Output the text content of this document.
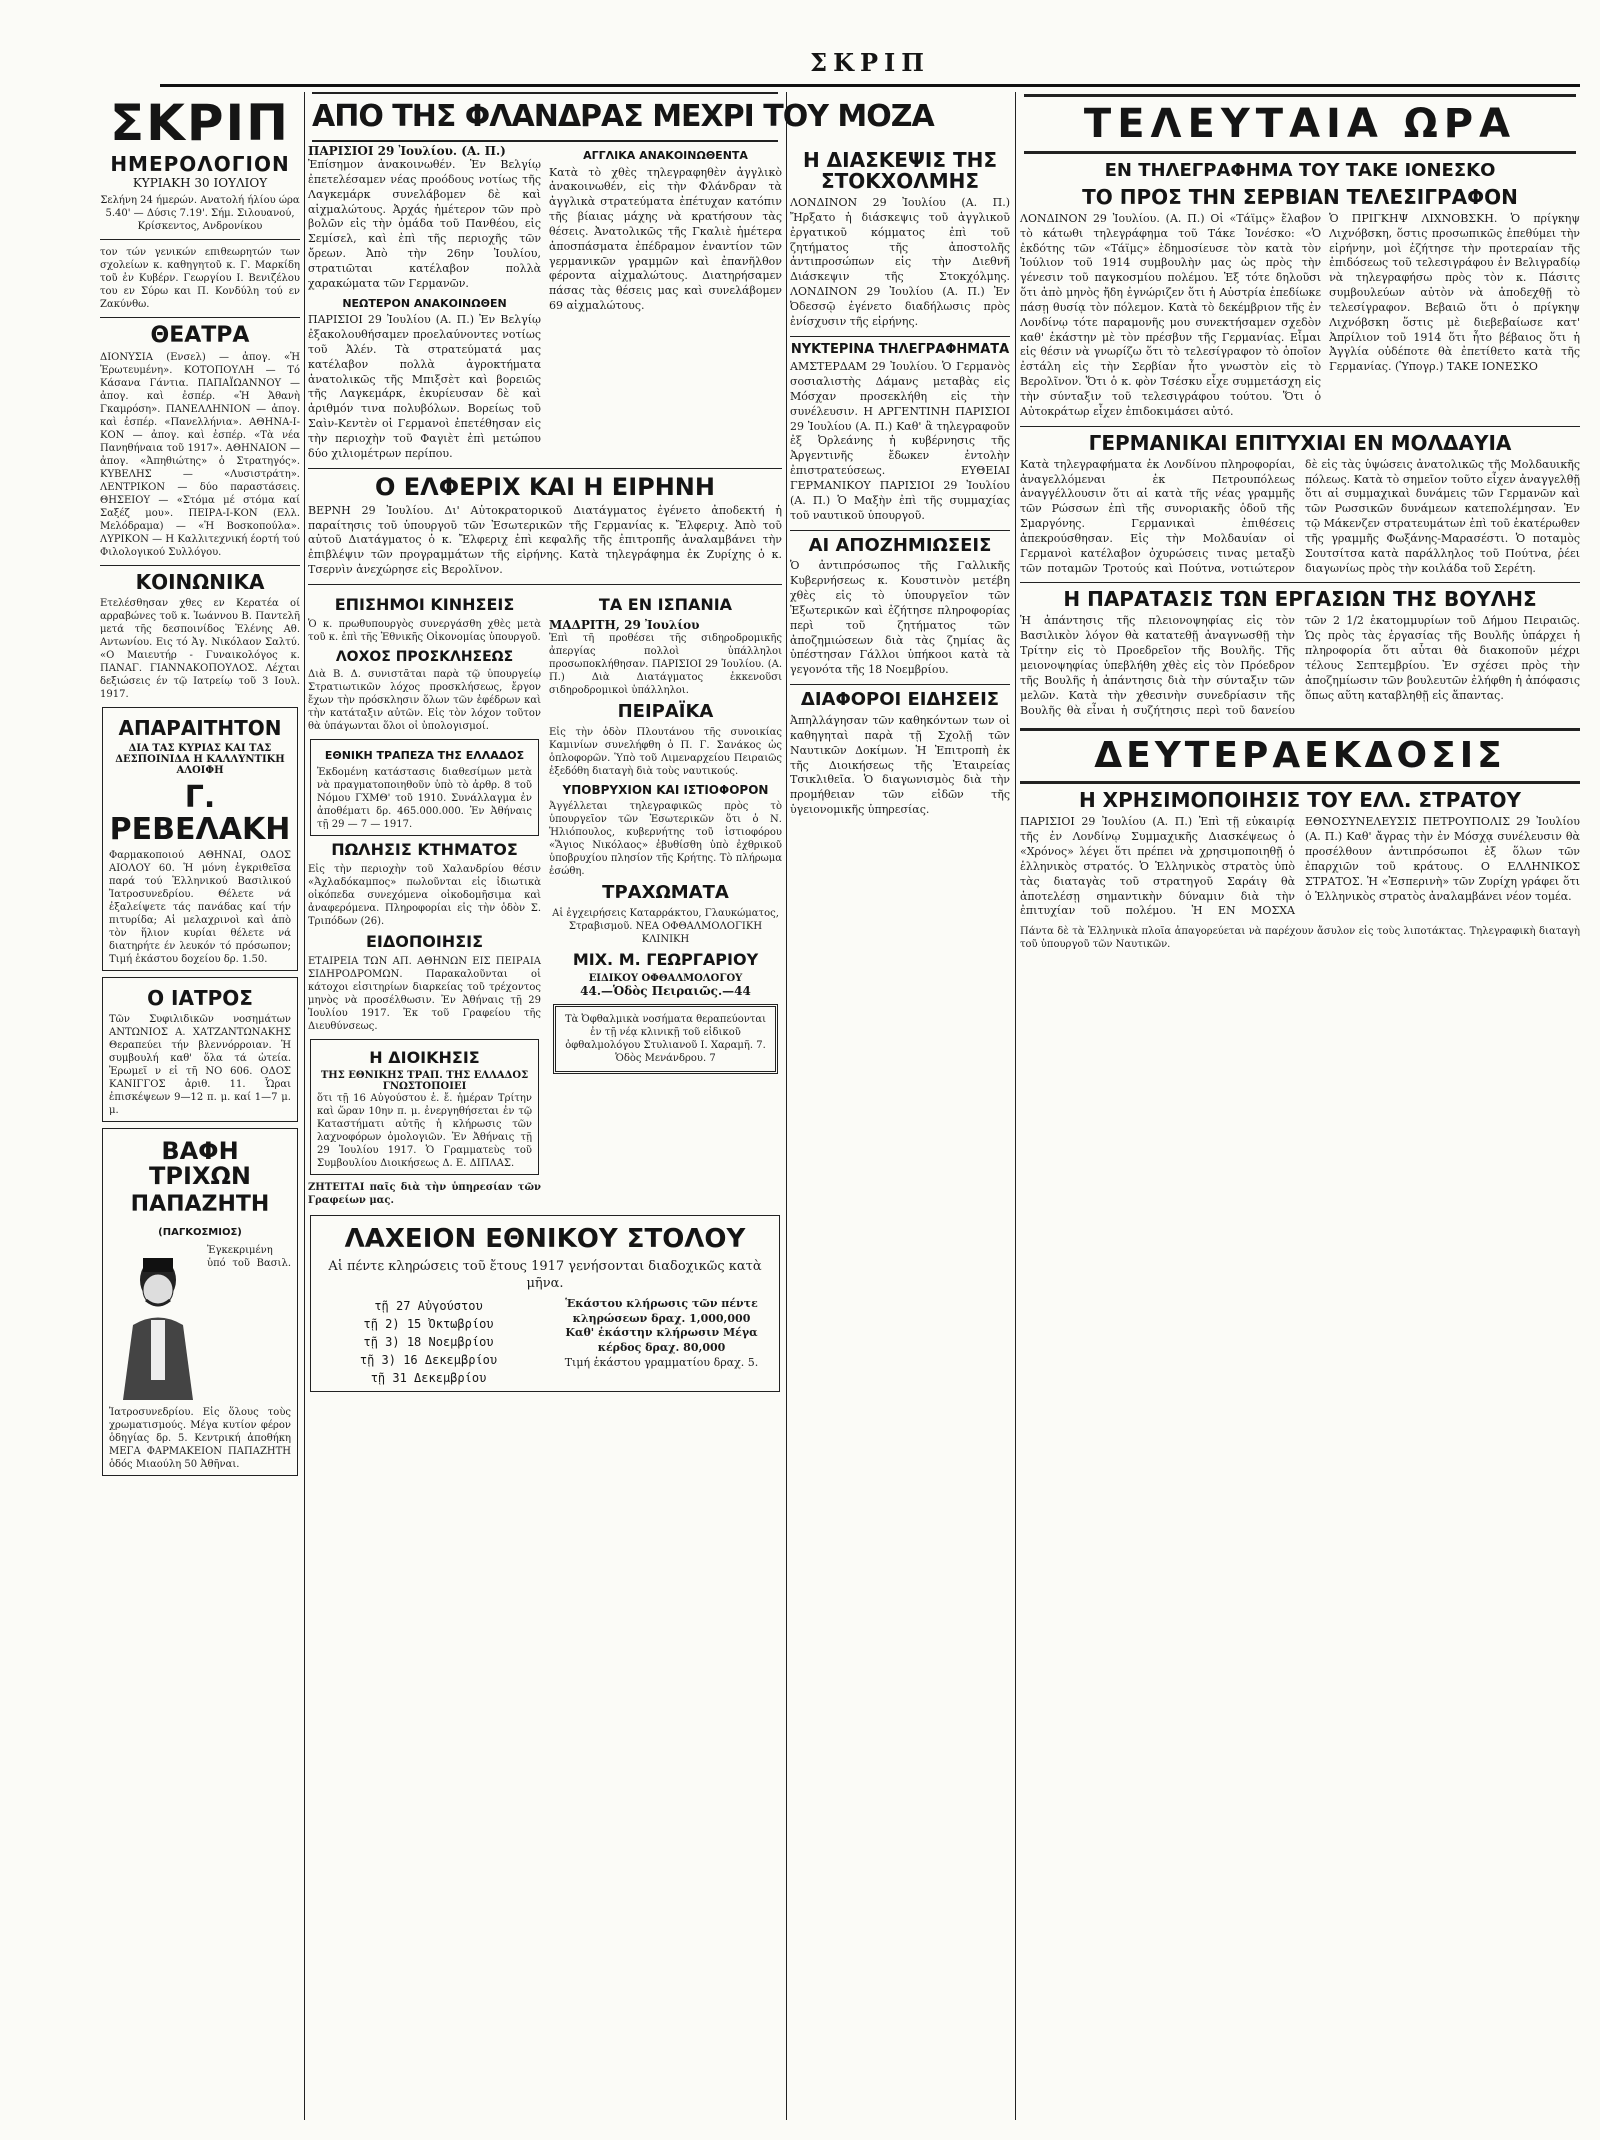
ΣΚΡΙΠ
ΣΚΡΙΠ
ΗΜΕΡΟΛΟΓΙΟΝ
ΚΥΡΙΑΚΗ 30 ΙΟΥΛΙΟΥ
Σελήνη 24 ήμερών. Ανατολή ήλίου ώρα 5.40' — Δύσις 7.19'. Σήμ. Σιλουανού, Κρίσκεντος, Ανδρονίκου
τον τών γενικών επιθεωρητών των σχολείων κ. καθηγητοῦ κ. Γ. Μαρκίδη τοῦ ἐν Κυβέρν. Γεωργίου Ι. Βενιζέλου του εν Σύρω και Π. Κονδύλη τού εν Ζακύνθω.
ΘΕΑΤΡΑ
ΔΙΟΝΥΣΙΑ (Ενσελ) — ἀπογ. «Ἡ Ἐρωτευμένη». ΚΟΤΟΠΟΥΛΗ — Τό Κάσανα Γάντια. ΠΑΠΑΪΩΑΝΝΟΥ — ἀπογ. καὶ ἐσπέρ. «Ἡ Ἀθανὴ Γκαμρόση». ΠΑΝΕΛΛΗΝΙΟΝ — ἀπογ. καὶ ἐσπέρ. «Πανελλήνια». ΑΘΗΝΑ-Ι-ΚΟΝ — ἀπογ. καὶ ἐσπέρ. «Τὰ νέα Πανηθήναια τοῦ 1917». ΑΘΗΝΑΙΟΝ — ἀπογ. «Ἀπηθιώτης» ὁ Στρατηγός». ΚΥΒΕΛΗΣ — «Λυσιστράτη». ΛΕΝΤΡΙΚΟΝ — δύο παραστάσεις. ΘΗΣΕΙΟΥ — «Στόμα μέ στόμα καί Σαξέζ μου». ΠΕΙΡΑ-Ι-ΚΟΝ (Ελλ. Μελόδραμα) — «Ἡ Βοσκοπούλα». ΛΥΡΙΚΟΝ — Η Καλλιτεχνική έορτή τού Φιλολογικού Συλλόγου.
ΚΟΙΝΩΝΙΚΑ
Ετελέσθησαν χθες εν Κερατέα οί αρραβώνες τοῦ κ. Ἰωάννου Β. Παντελῆ μετά τῆς δεσποινίδος Ἑλένης Αθ. Αντωνίου. Εις τό Ἀγ. Νικόλαον Σαλτύ. «Ο Μαιευτήρ - Γυναικολόγος κ. ΠΑΝΑΓ. ΓΙΑΝΝΑΚΟΠΟΥΛΟΣ. Λέχται δεξιώσεις έν τῷ Ιατρείῳ τοῦ 3 Ιουλ. 1917.
ΑΠΑΡΑΙΤΗΤΟΝ
ΔΙΑ ΤΑΣ ΚΥΡΙΑΣ ΚΑΙ ΤΑΣ ΔΕΣΠΟΙΝΙΔΑ Η ΚΑΛΛΥΝΤΙΚΗ ΑΛΟΙΦΗ
Γ. ΡΕΒΕΛΑΚΗ
Φαρμακοποιού ΑΘΗΝΑΙ, ΟΔΟΣ ΑΙΟΛΟΥ 60. Ἡ μόνη ἐγκριθεῖσα παρά τού Ἑλληνικού Βασιλικού Ἰατροσυνεδρίου. Θέλετε νά ἐξαλείψετε τάς πανάδας καί τήν πιτυρίδα; Αἱ μελαχρινοὶ καὶ ἀπὸ τὸν ἥλιον κυρίαι θέλετε νά διατηρήτε έν λευκόν τό πρόσωπον; Τιμή ἑκάστου δοχείου δρ. 1.50.
Ο ΙΑΤΡΟΣ
Τῶν Συφιλιδικῶν νοσημάτων ΑΝΤΩΝΙΟΣ Α. ΧΑΤΖΑΝΤΩΝΑΚΗΣ Θεραπεύει τήν βλεννόρροιαν. Ἡ συμβουλή καθ' ὅλα τά ὠτεία. Ἐρωμεῖ ν εἰ τῆ ΝΟ 606. ΟΔΟΣ ΚΑΝΙΓΓΟΣ ἀριθ. 11. Ὧραι ἐπισκέψεων 9—12 π. μ. καί 1—7 μ. μ.
ΒΑΦΗ ΤΡΙΧΩΝ
ΠΑΠΑΖΗΤΗ (ΠΑΓΚΟΣΜΙΟΣ)
Ἐγκεκριμένη ὑπό τοῦ Βασιλ. Ἰατροσυνεδρίου. Εἰς ὅλους τοὺς χρωματισμούς. Μέγα κυτίον φέρον ὁδηγίας δρ. 5. Κεντρική ἀποθήκη ΜΕΓΑ ΦΑΡΜΑΚΕΙΟΝ ΠΑΠΑΖΗΤΗ ὁδός Μιαούλη 50 Ἀθῆναι.
ΑΠΟ ΤΗΣ ΦΛΑΝΔΡΑΣ ΜΕΧΡΙ ΤΟΥ ΜΟΖΑ
ΠΑΡΙΣΙΟΙ 29 Ἰουλίου. (Α. Π.)
Ἐπίσημον ἀνακοινωθέν. Ἐν Βελγίῳ ἐπετελέσαμεν νέας προόδους νοτίως τῆς Λαγκεμάρκ συνελάβομεν δὲ καὶ αἰχμαλώτους. Ἀρχάς ἠμέτερον τῶν πρὸ βολῶν εἰς τὴν ὁμάδα τοῦ Πανθέου, εἰς Σεμίσελ, καὶ ἐπὶ τῆς περιοχῆς τῶν ὄρεων. Ἀπὸ τὴν 26ην Ἰουλίου, στρατιῶται κατέλαβον πολλὰ χαρακώματα τῶν Γερμανῶν.
ΝΕΩΤΕΡΟΝ ΑΝΑΚΟΙΝΩΘΕΝ
ΠΑΡΙΣΙΟΙ 29 Ἰουλίου (Α. Π.) Ἐν Βελγίῳ ἐξακολουθήσαμεν προελαύνοντες νοτίως τοῦ Ἀλέν. Τὰ στρατεύματά μας κατέλαβον πολλὰ ἀγροκτήματα ἀνατολικῶς τῆς Μπιξσὲτ καὶ βορειῶς τῆς Λαγκεμάρκ, ἐκυρίευσαν δὲ καὶ ἀριθμόν τινα πολυβόλων. Βορείως τοῦ Σαὶν-Κεντὲν οἱ Γερμανοὶ ἐπετέθησαν εἰς τὴν περιοχὴν τοῦ Φαγιὲτ ἐπὶ μετώπου δύο χιλιομέτρων περίπου.
ΑΓΓΛΙΚΑ ΑΝΑΚΟΙΝΩΘΕΝΤΑ
Κατὰ τὸ χθὲς τηλεγραφηθὲν ἀγγλικὸ ἀνακοινωθέν, εἰς τὴν Φλάνδραν τὰ ἀγγλικὰ στρατεύματα ἐπέτυχαν κατόπιν τῆς βίαιας μάχης νὰ κρατήσουν τὰς θέσεις. Ἀνατολικῶς τῆς Γκαλιὲ ἡμέτερα ἀποσπάσματα ἐπέδραμον ἐναντίον τῶν γερμανικῶν γραμμῶν καὶ ἐπανῆλθον φέροντα αἰχμαλώτους. Διατηρήσαμεν πάσας τὰς θέσεις μας καὶ συνελάβομεν 69 αἰχμαλώτους.
Ο ΕΛΦΕΡΙΧ ΚΑΙ Η ΕΙΡΗΝΗ
ΒΕΡΝΗ 29 Ἰουλίου. Δι' Αὐτοκρατορικοῦ Διατάγματος ἐγένετο ἀποδεκτή ἡ παραίτησις τοῦ ὑπουργοῦ τῶν Ἐσωτερικῶν τῆς Γερμανίας κ. Ἔλφεριχ. Ἀπὸ τοῦ αὐτοῦ Διατάγματος ὁ κ. Ἔλφεριχ ἐπὶ κεφαλῆς τῆς ἐπιτροπῆς ἀναλαμβάνει τὴν ἐπιβλέψιν τῶν προγραμμάτων τῆς εἰρήνης. Κατὰ τηλεγράφημα ἐκ Ζυρίχης ὁ κ. Τσερνὶν ἀνεχώρησε εἰς Βερολῖνον.
ΕΠΙΣΗΜΟΙ ΚΙΝΗΣΕΙΣ
Ὁ κ. πρωθυπουργὸς συνεργάσθη χθὲς μετὰ τοῦ κ. ἐπὶ τῆς Ἐθνικῆς Οἰκονομίας ὑπουργοῦ.
ΛΟΧΟΣ ΠΡΟΣΚΛΗΣΕΩΣ
Διὰ Β. Δ. συνιστᾶται παρὰ τῷ ὑπουργείῳ Στρατιωτικῶν λόχος προσκλήσεως, ἔργον ἔχων τὴν πρόσκλησιν ὅλων τῶν ἐφέδρων καὶ τὴν κατάταξιν αὐτῶν. Εἰς τὸν λόχον τοῦτον θὰ ὑπάγωνται ὅλοι οἱ ὑπολογισμοί.
ΕΘΝΙΚΗ ΤΡΑΠΕΖΑ ΤΗΣ ΕΛΛΑΔΟΣ
Ἐκδομένη κατάστασις διαθεσίμων μετὰ νὰ πραγματοποιηθοῦν ὑπὸ τὸ ἀρθρ. 8 τοῦ Νόμου ΓΧΜΘ' τοῦ 1910. Συνάλλαγμα ἐν ἀποθέματι δρ. 465.000.000. Ἐν Ἀθήναις τῇ 29 — 7 — 1917.
ΠΩΛΗΣΙΣ ΚΤΗΜΑΤΟΣ
Εἰς τὴν περιοχὴν τοῦ Χαλανδρίου θέσιν «Ἀχλαδόκαμπος» πωλοῦνται εἰς ἰδιωτικὰ οἰκόπεδα συνεχόμενα οἰκοδομῆσιμα καὶ ἀναφερόμενα. Πληροφορίαι εἰς τὴν ὁδὸν Σ. Τριπόδων (26).
ΕΙΔΟΠΟΙΗΣΙΣ
ΕΤΑΙΡΕΙΑ ΤΩΝ ΑΠ. ΑΘΗΝΩΝ ΕΙΣ ΠΕΙΡΑΙΑ ΣΙΔΗΡΟΔΡΟΜΩΝ. Παρακαλοῦνται οἱ κάτοχοι εἰσιτηρίων διαρκείας τοῦ τρέχοντος μηνὸς νὰ προσέλθωσιν. Ἐν Ἀθήναις τῇ 29 Ἰουλίου 1917. Ἐκ τοῦ Γραφείου τῆς Διευθύνσεως.
Η ΔΙΟΙΚΗΣΙΣ
ΤΗΣ ΕΘΝΙΚΗΣ ΤΡΑΠ. ΤΗΣ ΕΛΛΑΔΟΣ ΓΝΩΣΤΟΠΟΙΕΙ
ὅτι τῇ 16 Αὐγούστου ἐ. ἔ. ἡμέραν Τρίτην καὶ ὥραν 10ην π. μ. ἐνεργηθήσεται ἐν τῷ Καταστήματι αὐτῆς ἡ κλήρωσις τῶν λαχνοφόρων ὁμολογιῶν. Ἐν Ἀθήναις τῇ 29 Ἰουλίου 1917. Ὁ Γραμματεὺς τοῦ Συμβουλίου Διοικήσεως Δ. Ε. ΔΙΠΛΑΣ.
ΖΗΤΕΙΤΑΙ παῖς διὰ τὴν ὑπηρεσίαν τῶν Γραφείων μας.
ΤΑ ΕΝ ΙΣΠΑΝΙΑ
ΜΑΔΡΙΤΗ, 29 Ἰουλίου
Ἐπὶ τῆ προθέσει τῆς σιδηροδρομικῆς ἀπεργίας πολλοὶ ὑπάλληλοι προσωποκλήθησαν. ΠΑΡΙΣΙΟΙ 29 Ἰουλίου. (Α. Π.) Διὰ Διατάγματος ἐκκενοῦσι σιδηροδρομικοὶ ὑπάλληλοι.
ΠΕΙΡΑΪΚΑ
Εἰς τὴν ὁδὸν Πλουτάνου τῆς συνοικίας Καμινίων συνελήφθη ὁ Π. Γ. Σανάκος ὡς ὁπλοφορῶν. Ὑπὸ τοῦ Λιμεναρχείου Πειραιῶς ἐξεδόθη διαταγὴ διὰ τοὺς ναυτικούς.
ΥΠΟΒΡΥΧΙΟΝ ΚΑΙ ΙΣΤΙΟΦΟΡΟΝ
Ἀγγέλλεται τηλεγραφικῶς πρὸς τὸ ὑπουργεῖον τῶν Ἐσωτερικῶν ὅτι ὁ Ν. Ἠλιόπουλος, κυβερνήτης τοῦ ἱστιοφόρου «Ἅγιος Νικόλαος» ἐβυθίσθη ὑπὸ ἐχθρικοῦ ὑποβρυχίου πλησίον τῆς Κρήτης. Τὸ πλήρωμα ἐσώθη.
ΤΡΑΧΩΜΑΤΑ
Αἱ ἐγχειρήσεις Καταρράκτου, Γλαυκώματος, Στραβισμοῦ. ΝΕΑ ΟΦΘΑΛΜΟΛΟΓΙΚΗ ΚΛΙΝΙΚΗ
ΜΙΧ. Μ. ΓΕΩΡΓΑΡΙΟΥ
ΕΙΔΙΚΟΥ ΟΦΘΑΛΜΟΛΟΓΟΥ
44.—Ὁδὸς Πειραιῶς.—44
Τὰ Ὀφθαλμικὰ νοσήματα θεραπεύονται ἐν τῇ νέᾳ κλινικῇ τοῦ εἰδικοῦ ὀφθαλμολόγου Στυλιανοῦ Ι. Χαραμῆ. 7. Ὁδὸς Μενάνδρου. 7
ΛΑΧΕΙΟΝ ΕΘΝΙΚΟΥ ΣΤΟΛΟΥ
Αἱ πέντε κληρώσεις τοῦ ἔτους 1917 γενήσονται διαδοχικῶς κατὰ μῆνα.
τῇ 27 Αὐγούστου
τῇ 2) 15 Ὀκτωβρίου
τῇ 3) 18 Νοεμβρίου
τῇ 3) 16 Δεκεμβρίου
τῇ 31 Δεκεμβρίου
Ἑκάστου κλήρωσις τῶν πέντε κληρώσεων δραχ. 1,000,000
Καθ' ἑκάστην κλήρωσιν Μέγα κέρδος δραχ. 80,000
Τιμή ἑκάστου γραμματίου δραχ. 5.
Η ΔΙΑΣΚΕΨΙΣ ΤΗΣ ΣΤΟΚΧΟΛΜΗΣ
ΛΟΝΔΙΝΟΝ 29 Ἰουλίου (Α. Π.) Ἤρξατο ἡ διάσκεψις τοῦ ἀγγλικοῦ ἐργατικοῦ κόμματος ἐπὶ τοῦ ζητήματος τῆς ἀποστολῆς ἀντιπροσώπων εἰς τὴν Διεθνῆ Διάσκεψιν τῆς Στοκχόλμης. ΛΟΝΔΙΝΟΝ 29 Ἰουλίου (Α. Π.) Ἐν Ὀδεσσῷ ἐγένετο διαδήλωσις πρὸς ἐνίσχυσιν τῆς εἰρήνης.
ΝΥΚΤΕΡΙΝΑ ΤΗΛΕΓΡΑΦΗΜΑΤΑ
ΑΜΣΤΕΡΔΑΜ 29 Ἰουλίου. Ὁ Γερμανὸς σοσιαλιστὴς Δάμανς μεταβὰς εἰς Μόσχαν προσεκλήθη εἰς τὴν συνέλευσιν. Η ΑΡΓΕΝΤΙΝΗ ΠΑΡΙΣΙΟΙ 29 Ἰουλίου (Α. Π.) Καθ' ἃ τηλεγραφοῦν ἐξ Ὀρλεάνης ἡ κυβέρνησις τῆς Ἀργεντινῆς ἔδωκεν ἐντολὴν ἐπιστρατεύσεως. ΕΥΘΕΙΑΙ ΓΕΡΜΑΝΙΚΟΥ ΠΑΡΙΣΙΟΙ 29 Ἰουλίου (Α. Π.) Ὁ Μαξὴν ἐπὶ τῆς συμμαχίας τοῦ ναυτικοῦ ὑπουργοῦ.
ΑΙ ΑΠΟΖΗΜΙΩΣΕΙΣ
Ὁ ἀντιπρόσωπος τῆς Γαλλικῆς Κυβερνήσεως κ. Κουστινὸν μετέβη χθὲς εἰς τὸ ὑπουργεῖον τῶν Ἐξωτερικῶν καὶ ἐζήτησε πληροφορίας περὶ τοῦ ζητήματος τῶν ἀποζημιώσεων διὰ τὰς ζημίας ἃς ὑπέστησαν Γάλλοι ὑπήκοοι κατὰ τὰ γεγονότα τῆς 18 Νοεμβρίου.
ΔΙΑΦΟΡΟΙ ΕΙΔΗΣΕΙΣ
Ἀπηλλάγησαν τῶν καθηκόντων των οἱ καθηγηταὶ παρὰ τῇ Σχολῇ τῶν Ναυτικῶν Δοκίμων. Ἡ Ἐπιτροπὴ ἐκ τῆς Διοικήσεως τῆς Ἐταιρείας Τσικλιθεῖα. Ὁ διαγωνισμὸς διὰ τὴν προμήθειαν τῶν εἰδῶν τῆς ὑγειονομικῆς ὑπηρεσίας.
ΤΕΛΕΥΤΑΙΑ ΩΡΑ
ΕΝ ΤΗΛΕΓΡΑΦΗΜΑ ΤΟΥ ΤΑΚΕ ΙΟΝΕΣΚΟ
ΤΟ ΠΡΟΣ ΤΗΝ ΣΕΡΒΙΑΝ ΤΕΛΕΣΙΓΡΑΦΟΝ
ΛΟΝΔΙΝΟΝ 29 Ἰουλίου. (Α. Π.) Οἱ «Τάϊμς» ἔλαβον τὸ κάτωθι τηλεγράφημα τοῦ Τάκε Ἰονέσκο: «Ὁ ἐκδότης τῶν «Τάϊμς» ἐδημοσίευσε τὸν κατὰ τὸν Ἰούλιον τοῦ 1914 συμβουλὴν μας ὡς πρὸς τὴν γένεσιν τοῦ παγκοσμίου πολέμου. Ἐξ τότε δηλοῦσι ὅτι ἀπὸ μηνὸς ἤδη ἐγνώριζεν ὅτι ἡ Αὐστρία ἐπεδίωκε πάσῃ θυσίᾳ τὸν πόλεμον. Κατὰ τὸ δεκέμβριον τῆς ἐν Λονδίνῳ τότε παραμονῆς μου συνεκτήσαμεν σχεδὸν καθ' ἑκάστην μὲ τὸν πρέσβυν τῆς Γερμανίας. Εἶμαι εἰς θέσιν νὰ γνωρίζω ὅτι τὸ τελεσίγραφον τὸ ὁποῖον ἐστάλη εἰς τὴν Σερβίαν ἦτο γνωστὸν εἰς τὸ Βερολῖνον. Ὅτι ὁ κ. φὸν Τσέσκυ εἶχε συμμετάσχη εἰς τὴν σύνταξιν τοῦ τελεσιγράφου τούτου. Ὅτι ὁ Αὐτοκράτωρ εἶχεν ἐπιδοκιμάσει αὐτό.
Ὁ ΠΡΙΓΚΗΨ ΛΙΧΝΟΒΣΚΗ. Ὁ πρίγκηψ Λιχνόβσκη, ὅστις προσωπικῶς ἐπεθύμει τὴν εἰρήνην, μοὶ ἐζήτησε τὴν προτεραίαν τῆς ἐπιδόσεως τοῦ τελεσιγράφου ἐν Βελιγραδίῳ νὰ τηλεγραφήσω πρὸς τὸν κ. Πάσιτς συμβουλεύων αὐτὸν νὰ ἀποδεχθῇ τὸ τελεσίγραφον. Βεβαιῶ ὅτι ὁ πρίγκηψ Λιχνόβσκη ὅστις μὲ διεβεβαίωσε κατ' Ἀπρίλιον τοῦ 1914 ὅτι ἦτο βέβαιος ὅτι ἡ Ἀγγλία οὐδέποτε θὰ ἐπετίθετο κατὰ τῆς Γερμανίας. (Ὑπογρ.) ΤΑΚΕ ΙΟΝΕΣΚΟ
ΓΕΡΜΑΝΙΚΑΙ ΕΠΙΤΥΧΙΑΙ ΕΝ ΜΟΛΔΑΥΙΑ
Κατὰ τηλεγραφήματα ἐκ Λονδίνου πληροφορίαι, ἀναγελλόμεναι ἐκ Πετρουπόλεως ἀναγγέλλουσιν ὅτι αἱ κατὰ τῆς νέας γραμμῆς τῶν Ρώσσων ἐπὶ τῆς συνοριακῆς ὁδοῦ τῆς Σμαργόνης. Γερμανικαὶ ἐπιθέσεις ἀπεκρούσθησαν. Εἰς τὴν Μολδαυίαν οἱ Γερμανοὶ κατέλαβον ὀχυρώσεις τινας μεταξὺ τῶν ποταμῶν Τροτούς καὶ Πούτνα, νοτιώτερον δὲ εἰς τὰς ὑψώσεις ἀνατολικῶς τῆς Μολδαυικῆς πόλεως. Κατὰ τὸ σημεῖον τοῦτο εἶχεν ἀναγγελθῇ ὅτι αἱ συμμαχικαὶ δυνάμεις τῶν Γερμανῶν καὶ τῶν Ρωσσικῶν δυνάμεων κατεπολέμησαν. Ἐν τῷ Μάκενζεν στρατευμάτων ἐπὶ τοῦ ἑκατέρωθεν τῆς γραμμῆς Φωξάνης-Μαρασέστι. Ὁ ποταμὸς Σουτσίτσα κατὰ παράλληλος τοῦ Πούτνα, ῥέει διαγωνίως πρὸς τὴν κοιλάδα τοῦ Σερέτη.
Η ΠΑΡΑΤΑΣΙΣ ΤΩΝ ΕΡΓΑΣΙΩΝ ΤΗΣ ΒΟΥΛΗΣ
Ἡ ἀπάντησις τῆς πλειονοψηφίας εἰς τὸν Βασιλικὸν λόγον θὰ κατατεθῇ ἀναγνωσθῇ τὴν Τρίτην εἰς τὸ Προεδρεῖον τῆς Βουλῆς. Τῆς μειονοψηφίας ὑπεβλήθη χθὲς εἰς τὸν Πρόεδρον τῆς Βουλῆς ἡ ἀπάντησις διὰ τὴν σύνταξιν τῶν μελῶν. Κατὰ τὴν χθεσινὴν συνεδρίασιν τῆς Βουλῆς θὰ εἶναι ἡ συζήτησις περὶ τοῦ δανείου τῶν 2 1/2 ἑκατομμυρίων τοῦ Δήμου Πειραιῶς. Ὡς πρὸς τὰς ἐργασίας τῆς Βουλῆς ὑπάρχει ἡ πληροφορία ὅτι αὗται θὰ διακοποῦν μέχρι τέλους Σεπτεμβρίου. Ἐν σχέσει πρὸς τὴν ἀποζημίωσιν τῶν βουλευτῶν ἐλήφθη ἡ ἀπόφασις ὅπως αὕτη καταβληθῇ εἰς ἅπαντας.
ΔΕΥΤΕΡΑΕΚΔΟΣΙΣ
Η ΧΡΗΣΙΜΟΠΟΙΗΣΙΣ ΤΟΥ ΕΛΛ. ΣΤΡΑΤΟΥ
ΠΑΡΙΣΙΟΙ 29 Ἰουλίου (Α. Π.) Ἐπὶ τῇ εὐκαιρίᾳ τῆς ἐν Λονδίνῳ Συμμαχικῆς Διασκέψεως ὁ «Χρόνος» λέγει ὅτι πρέπει νὰ χρησιμοποιηθῇ ὁ ἑλληνικὸς στρατός. Ὁ Ἑλληνικὸς στρατὸς ὑπὸ τὰς διαταγὰς τοῦ στρατηγοῦ Σαράιγ θὰ ἀποτελέσῃ σημαντικὴν δύναμιν διὰ τὴν ἐπιτυχίαν τοῦ πολέμου. Ἡ ΕΝ ΜΟΣΧΑ ΕΘΝΟΣΥΝΕΛΕΥΣΙΣ ΠΕΤΡΟΥΠΟΛΙΣ 29 Ἰουλίου (Α. Π.) Καθ' ἄγρας τὴν ἐν Μόσχᾳ συνέλευσιν θὰ προσέλθουν ἀντιπρόσωποι ἐξ ὅλων τῶν ἐπαρχιῶν τοῦ κράτους. Ο ΕΛΛΗΝΙΚΟΣ ΣΤΡΑΤΟΣ. Ἡ «Ἐσπερινὴ» τῶν Ζυρίχη γράφει ὅτι ὁ Ἑλληνικὸς στρατὸς ἀναλαμβάνει νέον τομέα.
Πάντα δὲ τὰ Ἑλληνικὰ πλοῖα ἀπαγορεύεται νὰ παρέχουν ἄσυλον εἰς τοὺς λιποτάκτας. Τηλεγραφικὴ διαταγὴ τοῦ ὑπουργοῦ τῶν Ναυτικῶν.
